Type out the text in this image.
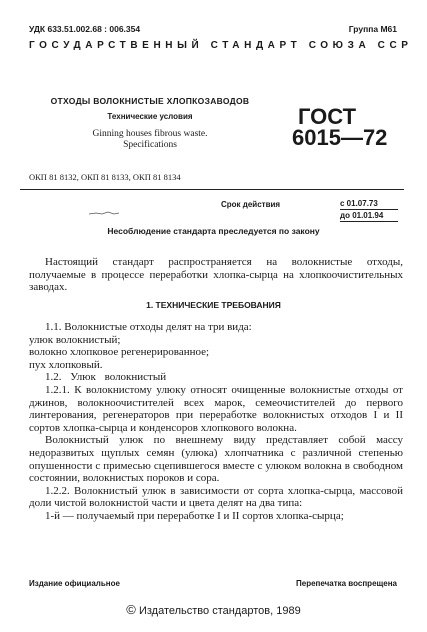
УДК 633.51.002.68 : 006.354	Группа М61
ГОСУДАРСТВЕННЫЙ СТАНДАРТ СОЮЗА ССР
ОТХОДЫ ВОЛОКНИСТЫЕ ХЛОПКОЗАВОДОВ
Технические условия
Ginning houses fibrous waste.
Specifications
ГОСТ
6015—72
ОКП 81 8132, ОКП 81 8133, ОКП 81 8134
Срок действия	с 01.07.73
до 01.01.94
Несоблюдение стандарта преследуется по закону

Настоящий стандарт распространяется на волокнистые отходы, получаемые в процессе переработки хлопка-сырца на хлопкоочистительных заводах.

1. ТЕХНИЧЕСКИЕ ТРЕБОВАНИЯ

1.1. Волокнистые отходы делят на три вида:

улюк волокнистый;

волокно хлопковое регенерированное;

пух хлопковый.

1.2. Улюк волокнистый

1.2.1. К волокнистому улюку относят очищенные волокнистые отходы от джинов, волокноочистителей всех марок, семеочистителей до первого линтерования, регенераторов при переработке волокнистых отходов I и II сортов хлопка-сырца и конденсоров хлопкового волокна.

Волокнистый улюк по внешнему виду представляет собой массу недоразвитых щуплых семян (улюка) хлопчатника с различной степенью опушенности с примесью сцепившегося вместе с улюком волокна в свободном состоянии, волокнистых пороков и сора.

1.2.2. Волокнистый улюк в зависимости от сорта хлопка-сырца, массовой доли чистой волокнистой части и цвета делят на два типа:

1-й — получаемый при переработке I и II сортов хлопка-сырца;

Издание официальное	Перепечатка воспрещена
© Издательство стандартов, 1989
